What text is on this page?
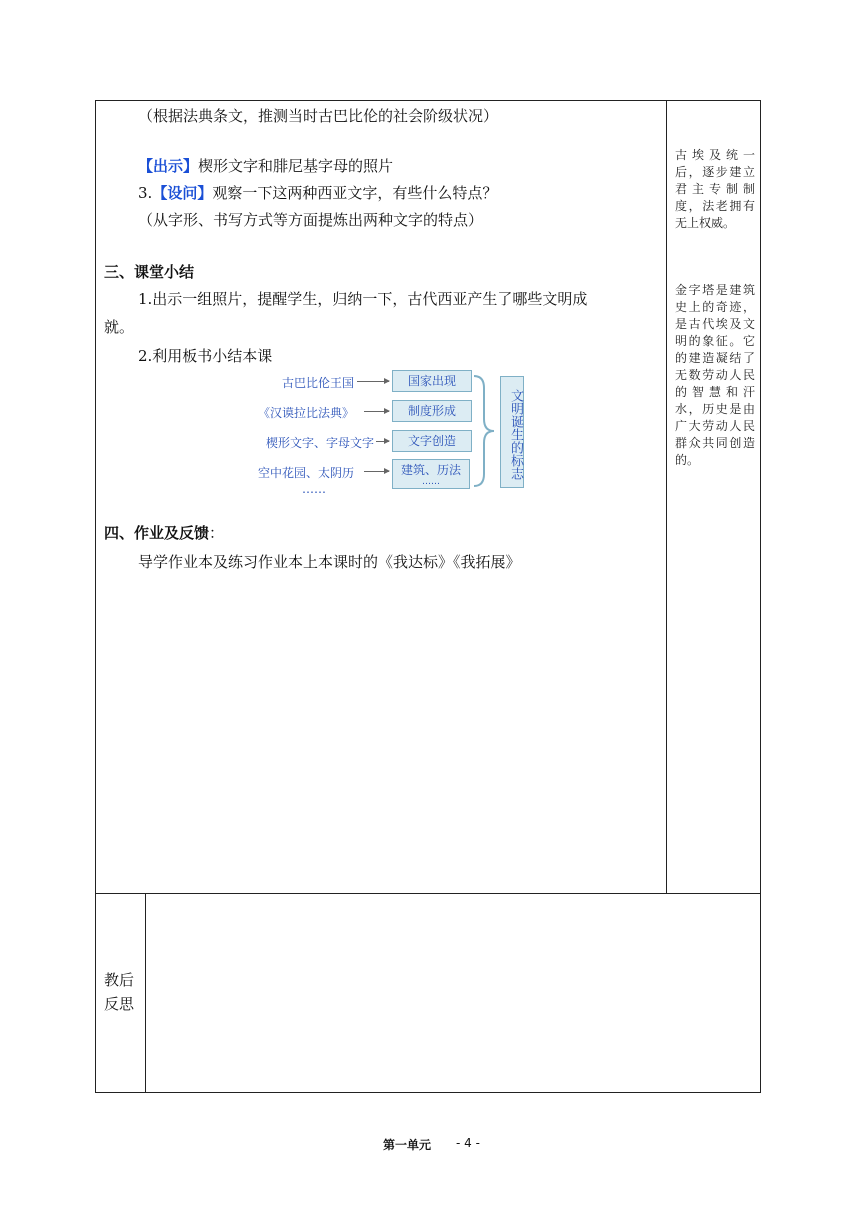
（根据法典条文，推测当时古巴比伦的社会阶级状况）
【出示】楔形文字和腓尼基字母的照片
3.【设问】观察一下这两种西亚文字，有些什么特点？
（从字形、书写方式等方面提炼出两种文字的特点）
三、课堂小结
1.出示一组照片，提醒学生，归纳一下，古代西亚产生了哪些文明成
就。
2.利用板书小结本课
古巴比伦王国	国家出现
《汉谟拉比法典》	制度形成
楔形文字、字母文字	文字创造
空中花园、太阴历	建筑、历法
……
……
文明诞生的标志
四、作业及反馈：
导学作业本及练习作业本上本课时的《我达标》《我拓展》
古埃及统一后，逐步建立君主专制制度，法老拥有无上权威。
金字塔是建筑史上的奇迹，是古代埃及文明的象征。它的建造凝结了无数劳动人民的智慧和汗水，历史是由广大劳动人民群众共同创造的。
教后
反思
第一单元 - 4 -
